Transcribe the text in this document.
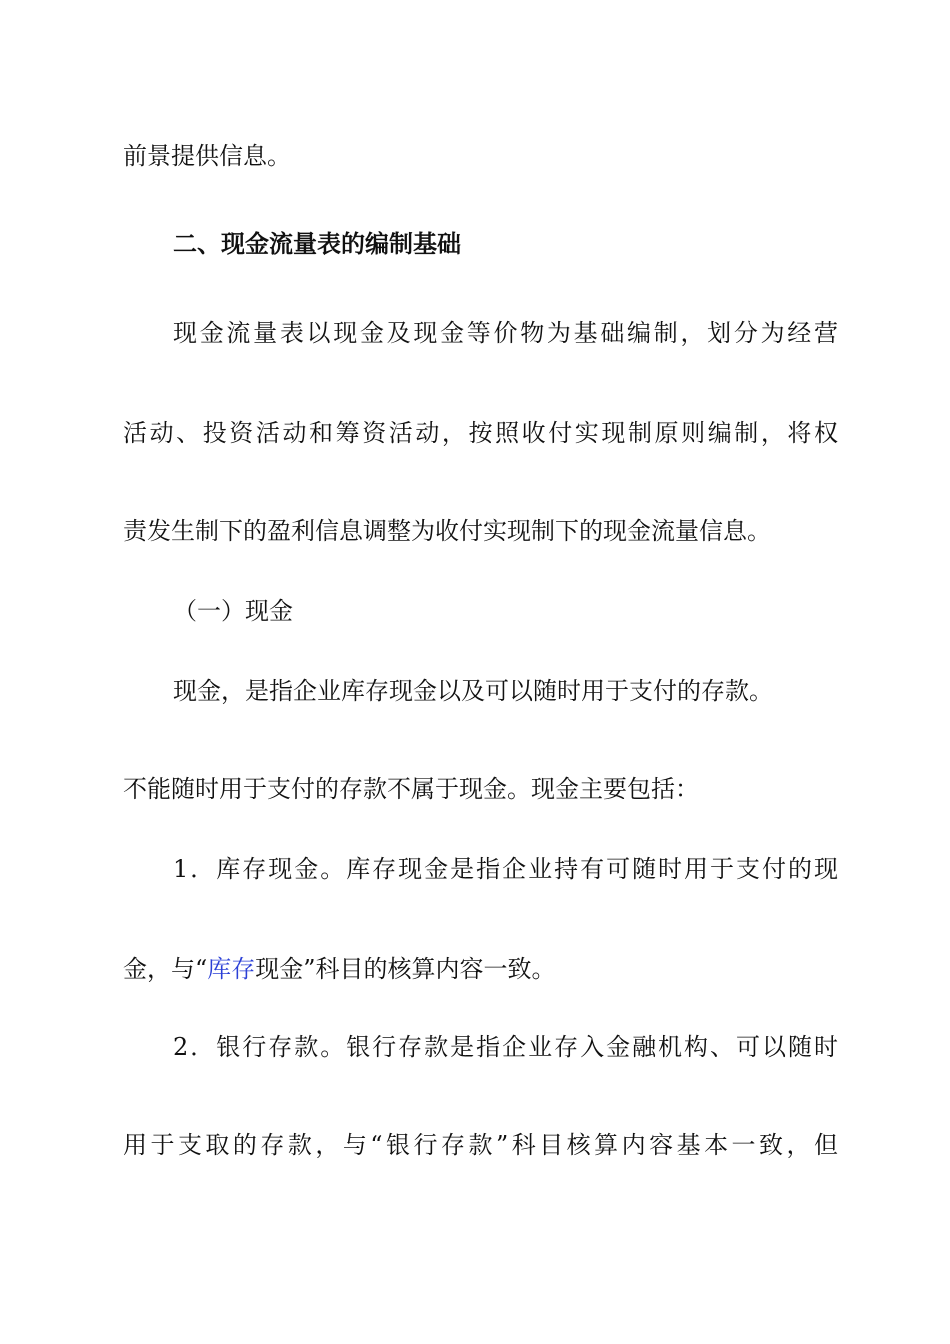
前景提供信息。
二、现金流量表的编制基础
现金流量表以现金及现金等价物为基础编制，划分为经营
活动、投资活动和筹资活动，按照收付实现制原则编制，将权
责发生制下的盈利信息调整为收付实现制下的现金流量信息。
（一）现金
现金，是指企业库存现金以及可以随时用于支付的存款。
不能随时用于支付的存款不属于现金。现金主要包括：
1．库存现金。库存现金是指企业持有可随时用于支付的现
金，与“库存现金”科目的核算内容一致。
2．银行存款。银行存款是指企业存入金融机构、可以随时
用于支取的存款，与“银行存款”科目核算内容基本一致，但
